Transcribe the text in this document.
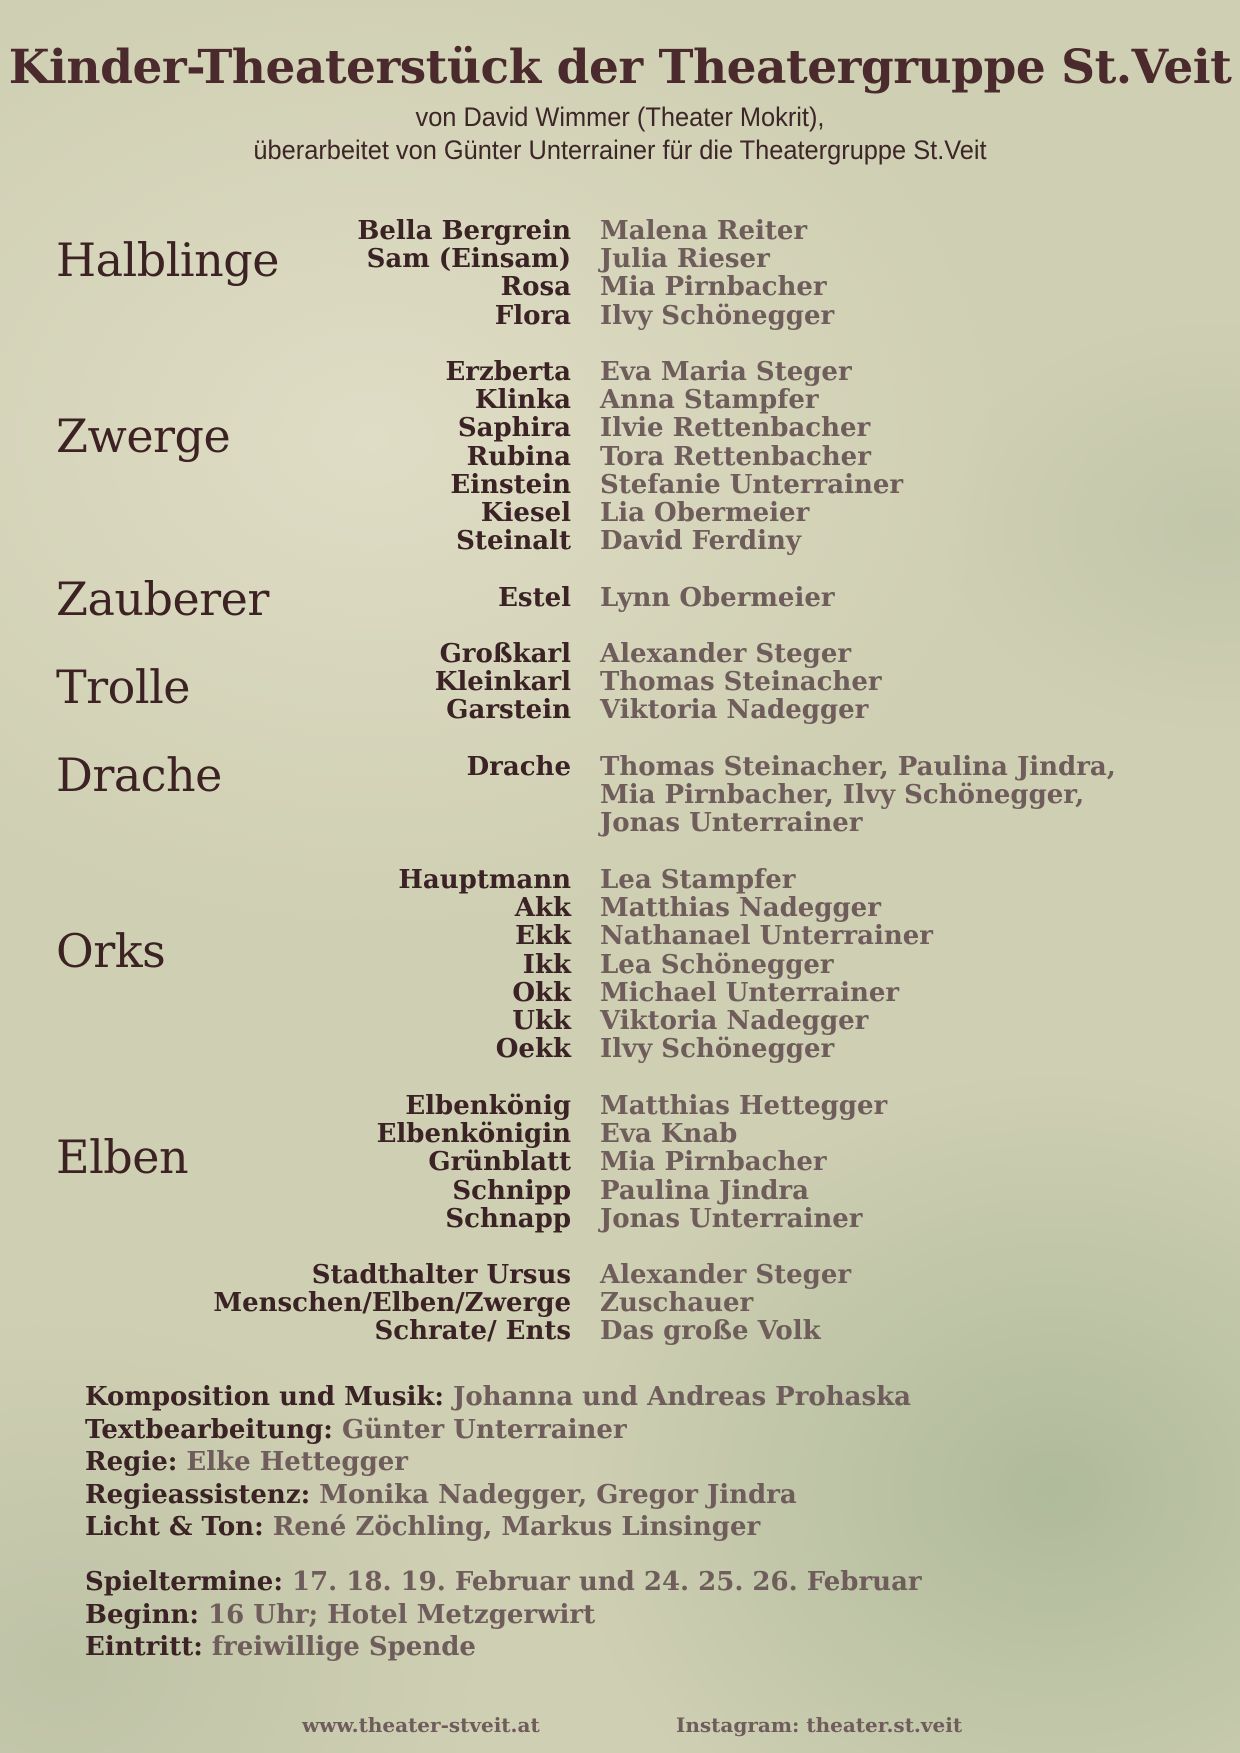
Kinder-Theaterstück der Theatergruppe St.Veit
von David Wimmer (Theater Mokrit),
überarbeitet von Günter Unterrainer für die Theatergruppe St.Veit
Halblinge
Zwerge
Zauberer
Trolle
Drache
Orks
Elben
Bella Bergrein Malena Reiter
Sam (Einsam) Julia Rieser
Rosa Mia Pirnbacher
Flora Ilvy Schönegger
Erzberta Eva Maria Steger
Klinka Anna Stampfer
Saphira Ilvie Rettenbacher
Rubina Tora Rettenbacher
Einstein Stefanie Unterrainer
Kiesel Lia Obermeier
Steinalt David Ferdiny
Estel Lynn Obermeier
Großkarl Alexander Steger
Kleinkarl Thomas Steinacher
Garstein Viktoria Nadegger
Drache Thomas Steinacher, Paulina Jindra,
Mia Pirnbacher, Ilvy Schönegger,
Jonas Unterrainer
Hauptmann Lea Stampfer
Akk Matthias Nadegger
Ekk Nathanael Unterrainer
Ikk Lea Schönegger
Okk Michael Unterrainer
Ukk Viktoria Nadegger
Oekk Ilvy Schönegger
Elbenkönig Matthias Hettegger
Elbenkönigin Eva Knab
Grünblatt Mia Pirnbacher
Schnipp Paulina Jindra
Schnapp Jonas Unterrainer
Stadthalter Ursus Alexander Steger
Menschen/Elben/Zwerge Zuschauer
Schrate/ Ents Das große Volk
Komposition und Musik: Johanna und Andreas Prohaska
Textbearbeitung: Günter Unterrainer
Regie: Elke Hettegger
Regieassistenz: Monika Nadegger, Gregor Jindra
Licht & Ton: René Zöchling, Markus Linsinger
Spieltermine: 17. 18. 19. Februar und 24. 25. 26. Februar
Beginn: 16 Uhr; Hotel Metzgerwirt
Eintritt: freiwillige Spende
www.theater-stveit.at	Instagram: theater.st.veit
